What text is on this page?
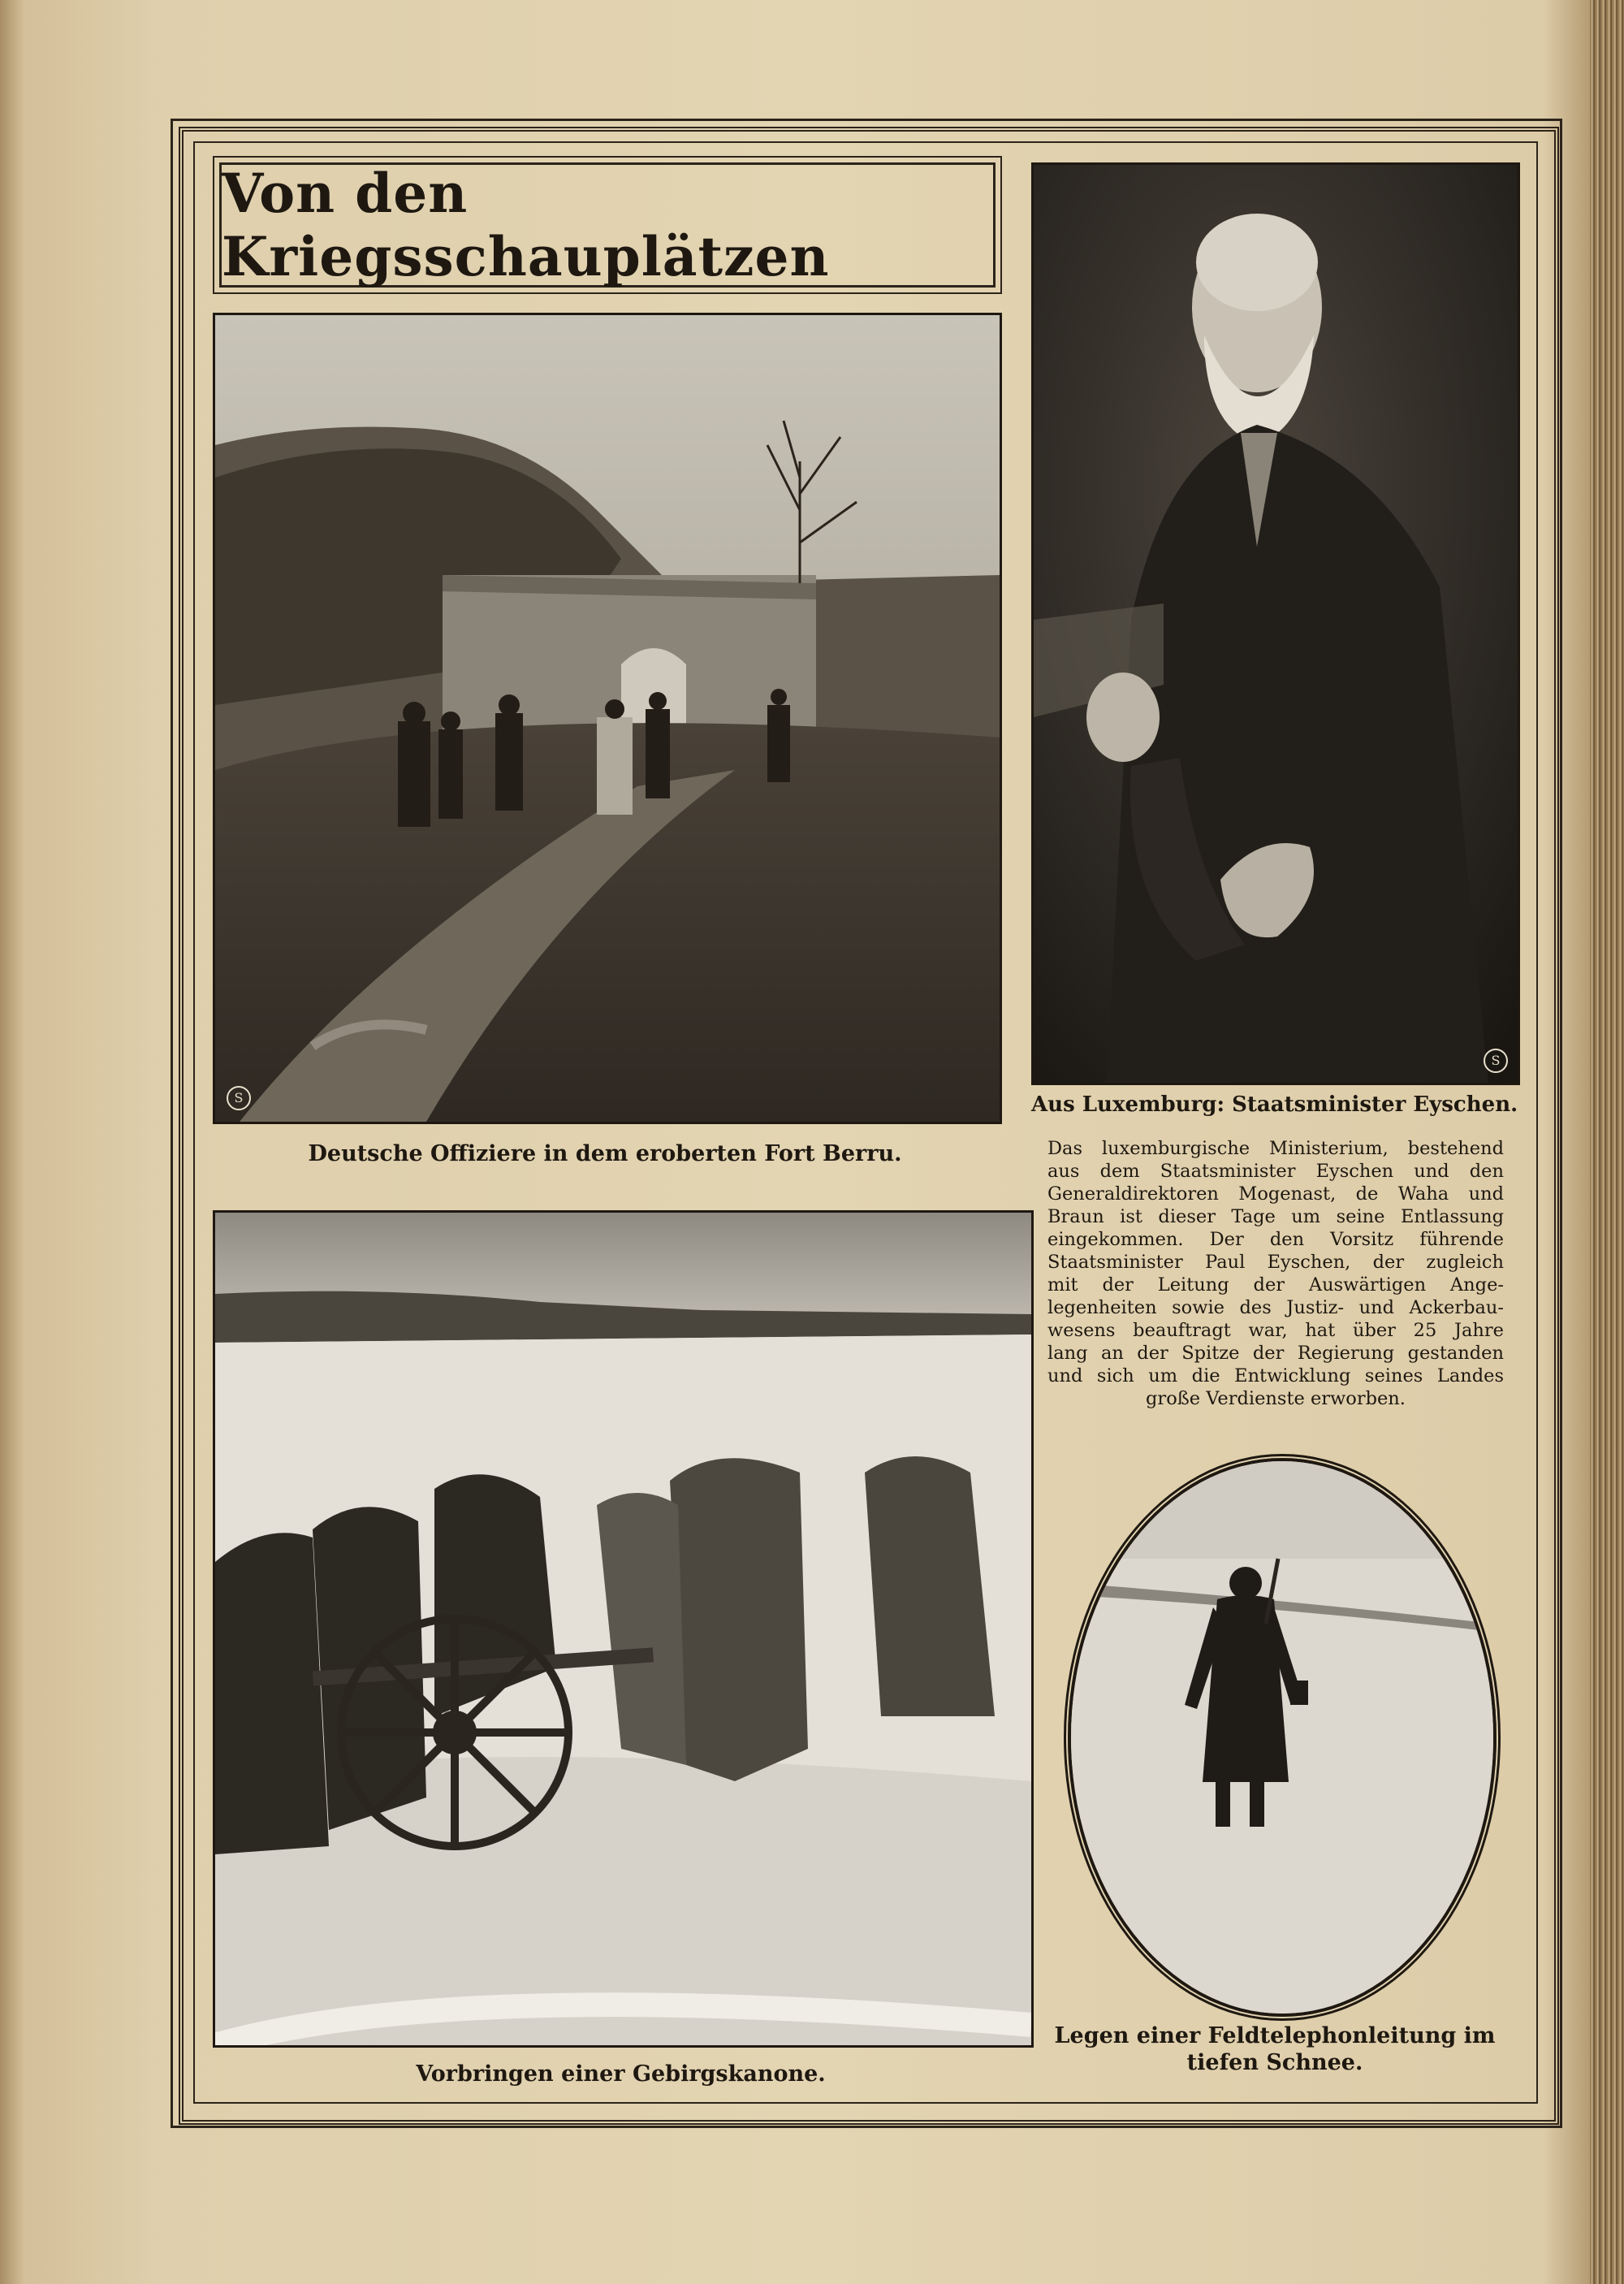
Von den Kriegsschauplätzen
S
Deutsche Offiziere in dem eroberten Fort Berru.
S
Aus Luxemburg: Staatsminister Eyschen.
Das luxemburgische Ministerium, bestehend
aus dem Staatsminister Eyschen und den
Generaldirektoren Mogenast, de Waha und
Braun ist dieser Tage um seine Entlassung
eingekommen. Der den Vorsitz führende
Staatsminister Paul Eyschen, der zugleich
mit der Leitung der Auswärtigen Ange-
legenheiten sowie des Justiz- und Ackerbau-
wesens beauftragt war, hat über 25 Jahre
lang an der Spitze der Regierung gestanden
und sich um die Entwicklung seines Landes
große Verdienste erworben.
Vorbringen einer Gebirgskanone.
Legen einer Feldtelephonleitung im
tiefen Schnee.
